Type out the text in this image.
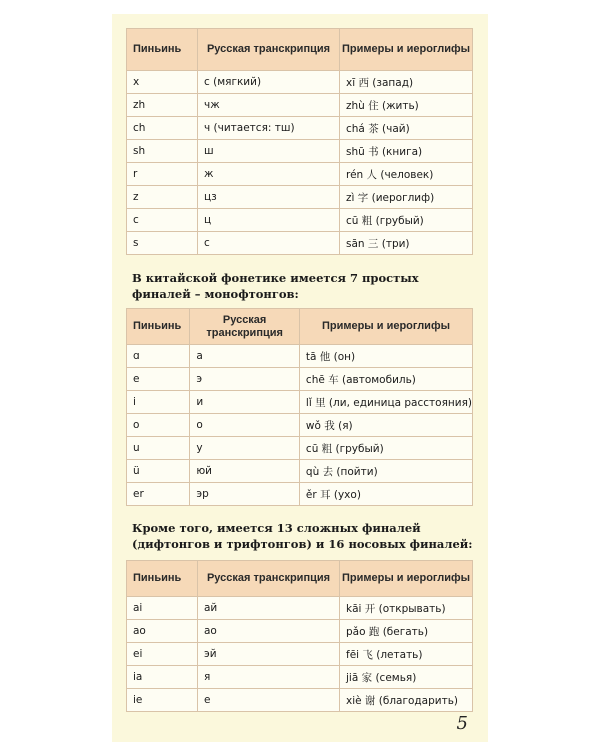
Пиньинь	Русская транскрипция	Примеры и иероглифы
x	с (мягкий)	xī 西 (запад)
zh	чж	zhù 住 (жить)
ch	ч (читается: тш)	chá 茶 (чай)
sh	ш	shū 书 (книга)
r	ж	rén 人 (человек)
z	цз	zì 字 (иероглиф)
c	ц	cū 粗 (грубый)
s	с	sān 三 (три)
В китайской фонетике имеется 7 простых финалей – монофтонгов:
Пиньинь	Русская транскрипция	Примеры и иероглифы
ɑ	а	tā 他 (он)
e	э	chē 车 (автомобиль)
i	и	lǐ 里 (ли, единица расстояния)
o	о	wǒ 我 (я)
u	у	cū 粗 (грубый)
ü	юй	qù 去 (пойти)
er	эр	ěr 耳 (ухо)
Кроме того, имеется 13 сложных финалей (дифтонгов и трифтонгов) и 16 носовых финалей:
Пиньинь	Русская транскрипция	Примеры и иероглифы
ai	ай	kāi 开 (открывать)
ao	ао	pǎo 跑 (бегать)
ei	эй	fēi 飞 (летать)
ia	я	jiā 家 (семья)
ie	е	xiè 谢 (благодарить)
5
